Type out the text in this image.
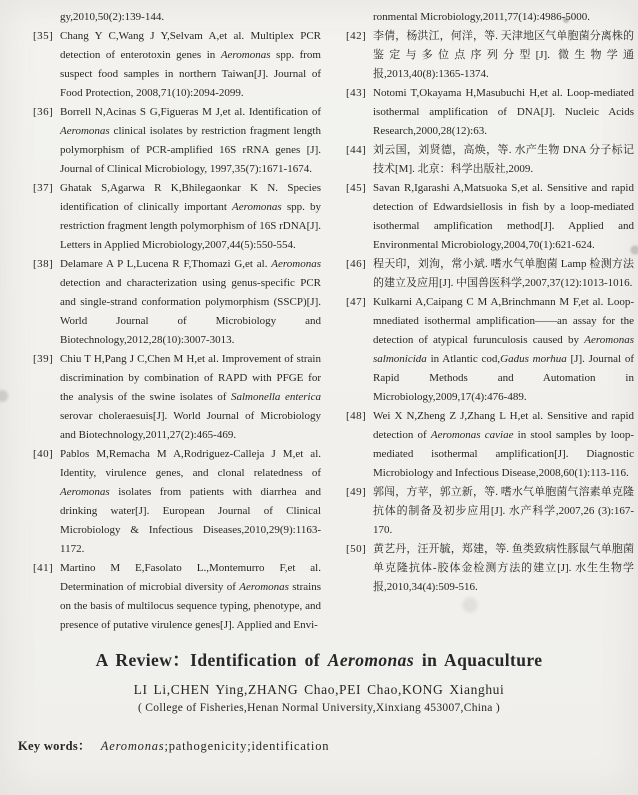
gy,2010,50(2):139-144.
[35] Chang Y C,Wang J Y,Selvam A,et al. Multiplex PCR detection of enterotoxin genes in Aeromonas spp. from suspect food samples in northern Taiwan[J]. Journal of Food Protection, 2008,71(10):2094-2099.
[36] Borrell N,Acinas S G,Figueras M J,et al. Identification of Aeromonas clinical isolates by restriction fragment length polymorphism of PCR-amplified 16S rRNA genes [J]. Journal of Clinical Microbiology, 1997,35(7):1671-1674.
[37] Ghatak S,Agarwa R K,Bhilegaonkar K N. Species identification of clinically important Aeromonas spp. by restriction fragment length polymorphism of 16S rDNA[J]. Letters in Applied Microbiology,2007,44(5):550-554.
[38] Delamare A P L,Lucena R F,Thomazi G,et al. Aeromonas detection and characterization using genus-specific PCR and single-strand conformation polymorphism (SSCP)[J]. World Journal of Microbiology and Biotechnology,2012,28(10):3007-3013.
[39] Chiu T H,Pang J C,Chen M H,et al. Improvement of strain discrimination by combination of RAPD with PFGE for the analysis of the swine isolates of Salmonella enterica serovar choleraesuis[J]. World Journal of Microbiology and Biotechnology,2011,27(2):465-469.
[40] Pablos M,Remacha M A,Rodriguez-Calleja J M,et al. Identity, virulence genes, and clonal relatedness of Aeromonas isolates from patients with diarrhea and drinking water[J]. European Journal of Clinical Microbiology & Infectious Diseases,2010,29(9):1163-1172.
[41] Martino M E,Fasolato L.,Montemurro F,et al. Determination of microbial diversity of Aeromonas strains on the basis of multilocus sequence typing, phenotype, and presence of putative virulence genes[J]. Applied and Envi-
ronmental Microbiology,2011,77(14):4986-5000.
[42] 李倩，杨洪江，何洋，等. 天津地区气单胞菌分离株的鉴定与多位点序列分型[J]. 微生物学通报,2013,40(8):1365-1374.
[43] Notomi T,Okayama H,Masubuchi H,et al. Loop-mediated isothermal amplification of DNA[J]. Nucleic Acids Research,2000,28(12):63.
[44] 刘云国，刘贤德，高焕，等. 水产生物 DNA 分子标记技术[M]. 北京：科学出版社,2009.
[45] Savan R,Igarashi A,Matsuoka S,et al. Sensitive and rapid detection of Edwardsiellosis in fish by a loop-mediated isothermal amplification method[J]. Applied and Environmental Microbiology,2004,70(1):621-624.
[46] 程天印，刘洵，常小斌. 嗜水气单胞菌 Lamp 检测方法的建立及应用[J]. 中国兽医科学,2007,37(12):1013-1016.
[47] Kulkarni A,Caipang C M A,Brinchmann M F,et al. Loop-mnediated isothermal amplification——an assay for the detection of atypical furunculosis caused by Aeromonas salmonicida in Atlantic cod,Gadus morhua [J]. Journal of Rapid Methods and Automation in Microbiology,2009,17(4):476-489.
[48] Wei X N,Zheng Z J,Zhang L H,et al. Sensitive and rapid detection of Aeromonas caviae in stool samples by loop-mediated isothermal amplification[J]. Diagnostic Microbiology and Infectious Disease,2008,60(1):113-116.
[49] 郭闯，方苹，郭立新，等. 嗜水气单胞菌气溶素单克隆抗体的制备及初步应用[J]. 水产科学,2007,26 (3):167-170.
[50] 黄艺丹，汪开毓，郑建，等. 鱼类致病性豚鼠气单胞菌单克隆抗体-胶体金检测方法的建立[J]. 水生生物学报,2010,34(4):509-516.
A Review：Identification of Aeromonas in Aquaculture
LI Li,CHEN Ying,ZHANG Chao,PEI Chao,KONG Xianghui
( College of Fisheries,Henan Normal University,Xinxiang 453007,China )
Key words： Aeromonas;pathogenicity;identification
